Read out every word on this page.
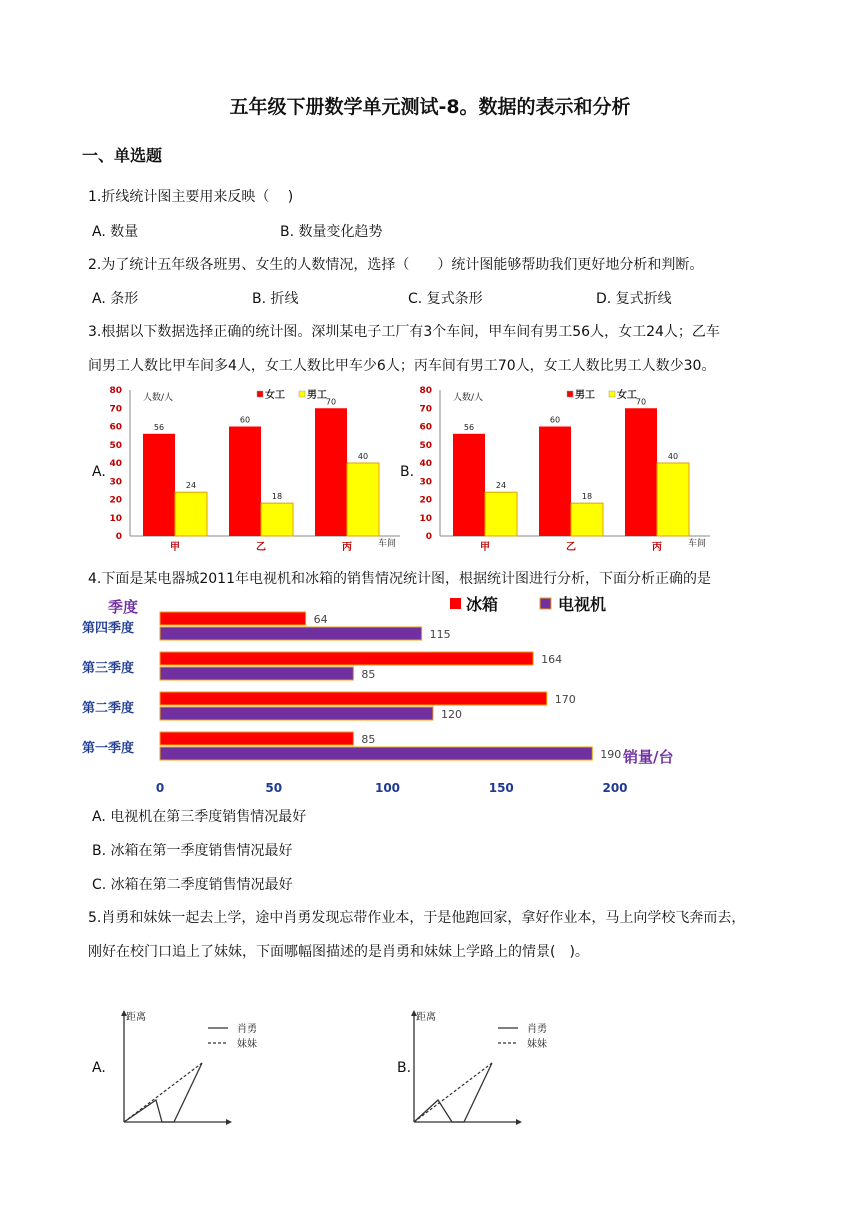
五年级下册数学单元测试-8。数据的表示和分析
一、单选题
1.折线统计图主要用来反映（　 )
A. 数量	B. 数量变化趋势
2.为了统计五年级各班男、女生的人数情况，选择（　　）统计图能够帮助我们更好地分析和判断。
A. 条形	B. 折线	C. 复式条形	D. 复式折线
3.根据以下数据选择正确的统计图。深圳某电子工厂有3个车间，甲车间有男工56人，女工24人；乙车
间男工人数比甲车间多4人，女工人数比甲车少6人；丙车间有男工70人，女工人数比男工人数少30。
A.	B.
80
70
60
50
40
30
20
10
0
人数/人	女工 男工
56
24
甲
60
18
乙
70
40
丙	车间
80
70
60
50
40
30
20
10
0
人数/人	男工 女工
56
24
甲
60
18
乙
70
40
丙	车间
4.下面是某电器城2011年电视机和冰箱的销售情况统计图，根据统计图进行分析，下面分析正确的是
季度	冰箱	电视机
第四季度
64
115
第三季度
164
85
第二季度
170
120
第一季度
85
190
0	50	100	150	200
销量/台
A. 电视机在第三季度销售情况最好
B. 冰箱在第一季度销售情况最好
C. 冰箱在第二季度销售情况最好
5.肖勇和妹妹一起去上学，途中肖勇发现忘带作业本，于是他跑回家，拿好作业本，马上向学校飞奔而去，
刚好在校门口追上了妹妹，下面哪幅图描述的是肖勇和妹妹上学路上的情景(　)。
A.	B.
距离
肖勇
妹妹
距离
肖勇
妹妹
